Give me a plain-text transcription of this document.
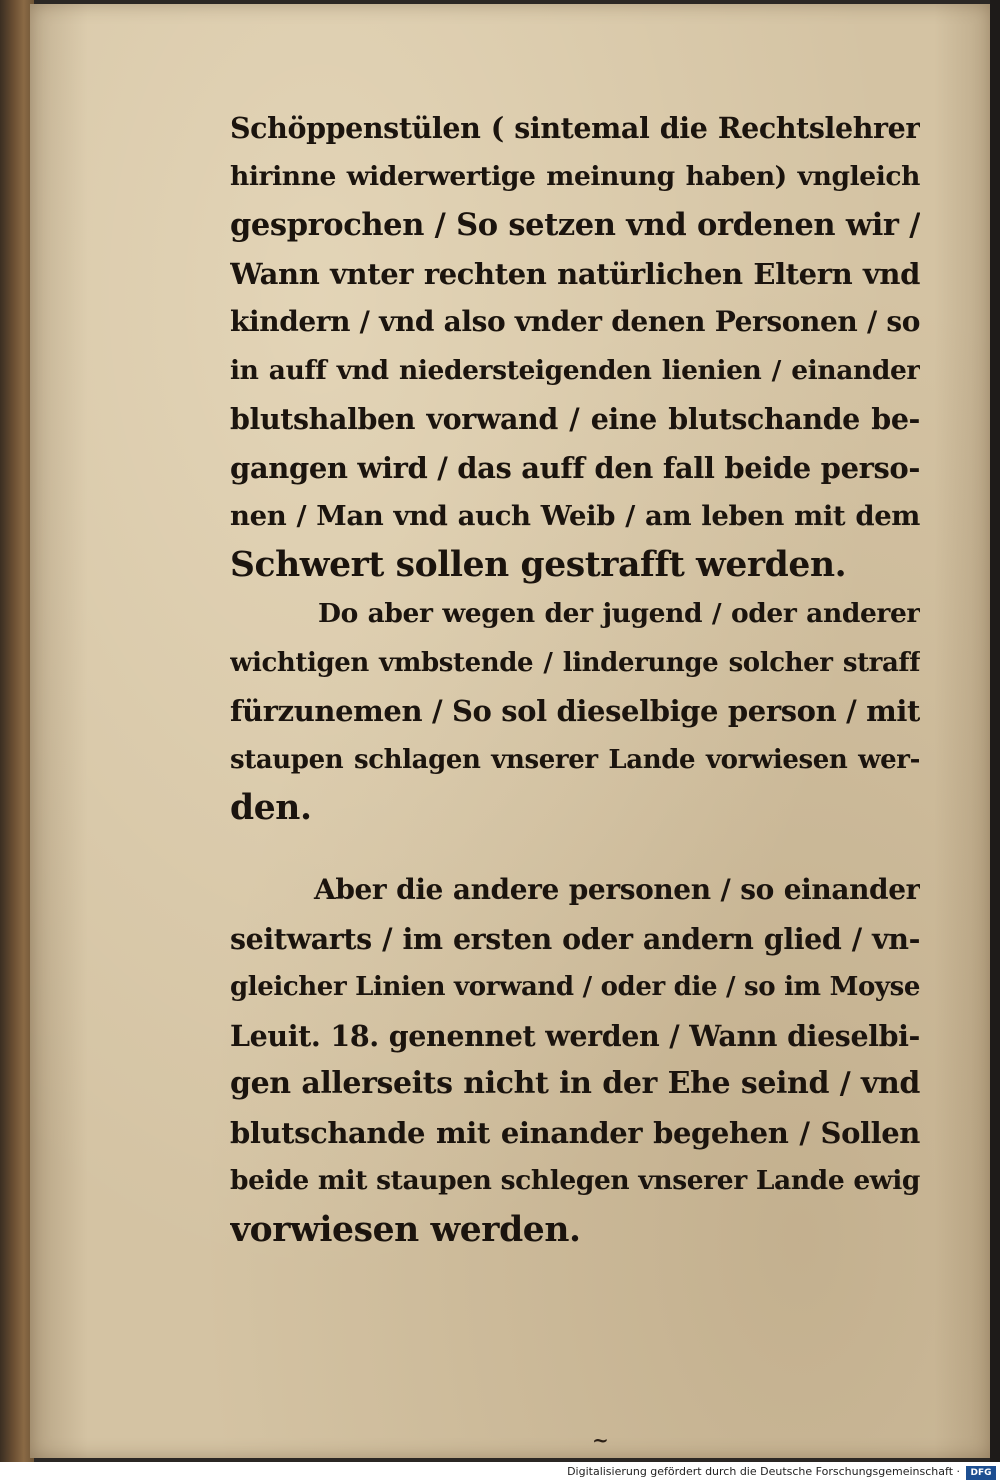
Schöppenstülen ( sintemal die Rechtslehrer
hirinne widerwertige meinung haben) vngleich
gesprochen / So setzen vnd ordenen wir /
Wann vnter rechten natürlichen Eltern vnd
kindern / vnd also vnder denen Personen / so
in auff vnd niedersteigenden lienien / einander
blutshalben vorwand / eine blutschande be-
gangen wird / das auff den fall beide perso-
nen / Man vnd auch Weib / am leben mit dem
Schwert sollen gestrafft werden.
Do aber wegen der jugend / oder anderer
wichtigen vmbstende / linderunge solcher straff
fürzunemen / So sol dieselbige person / mit
staupen schlagen vnserer Lande vorwiesen wer-
den.
Aber die andere personen / so einander
seitwarts / im ersten oder andern glied / vn-
gleicher Linien vorwand / oder die / so im Moyse
Leuit. 18. genennet werden / Wann dieselbi-
gen allerseits nicht in der Ehe seind / vnd
blutschande mit einander begehen / Sollen
beide mit staupen schlegen vnserer Lande ewig
vorwiesen werden.
~
Digitalisierung gefördert durch die Deutsche Forschungsgemeinschaft ·	DFG
